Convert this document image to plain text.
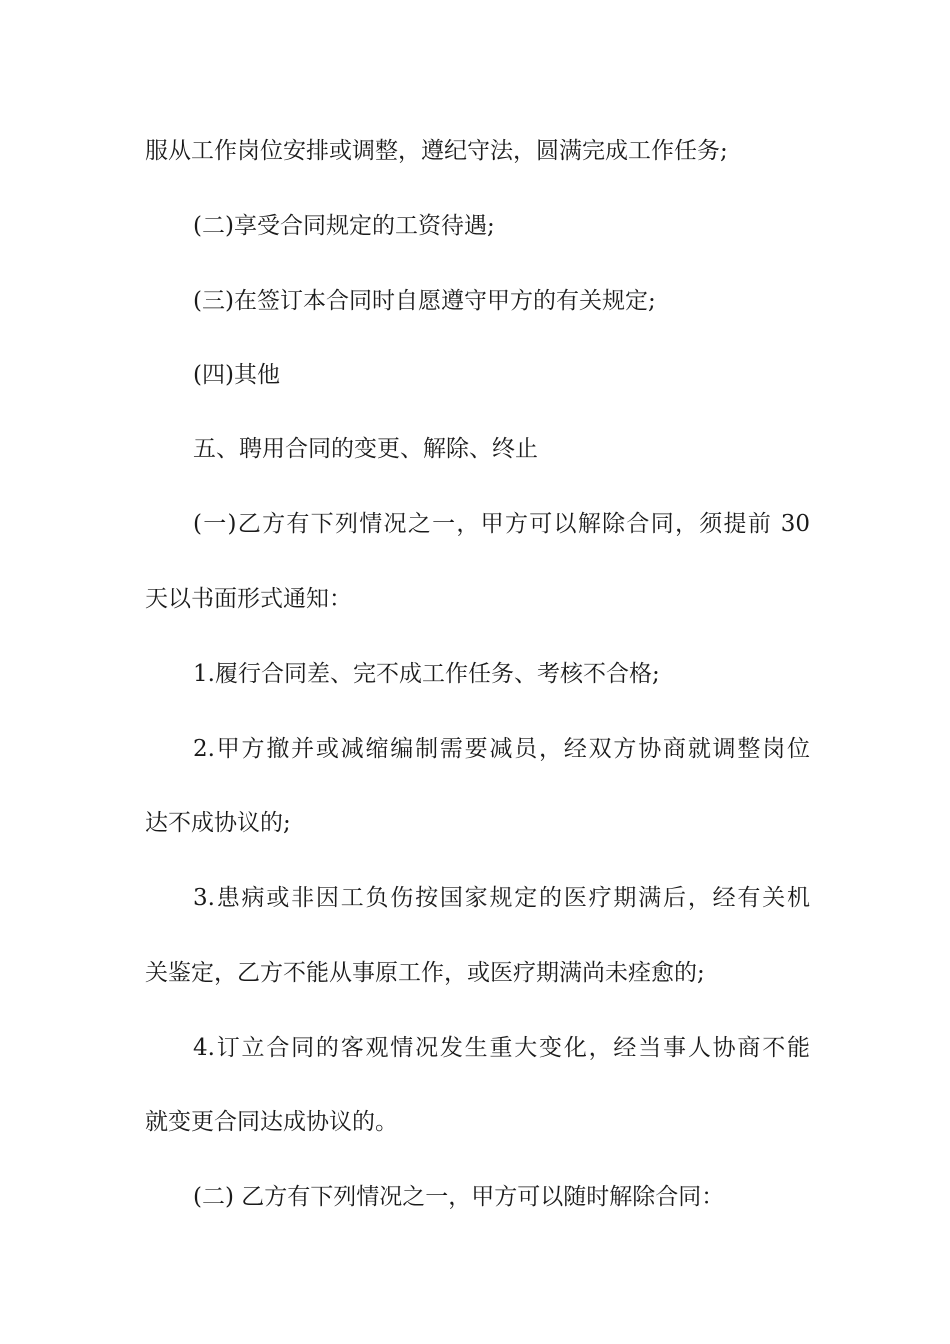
服从工作岗位安排或调整，遵纪守法，圆满完成工作任务;

(二)享受合同规定的工资待遇;

(三)在签订本合同时自愿遵守甲方的有关规定;

(四)其他

五、聘用合同的变更、解除、终止

(一)乙方有下列情况之一，甲方可以解除合同，须提前 30

天以书面形式通知：

1.履行合同差、完不成工作任务、考核不合格;

2.甲方撤并或减缩编制需要减员，经双方协商就调整岗位

达不成协议的;

3.患病或非因工负伤按国家规定的医疗期满后，经有关机

关鉴定，乙方不能从事原工作，或医疗期满尚未痊愈的;

4.订立合同的客观情况发生重大变化，经当事人协商不能

就变更合同达成协议的。

(二) 乙方有下列情况之一，甲方可以随时解除合同：
